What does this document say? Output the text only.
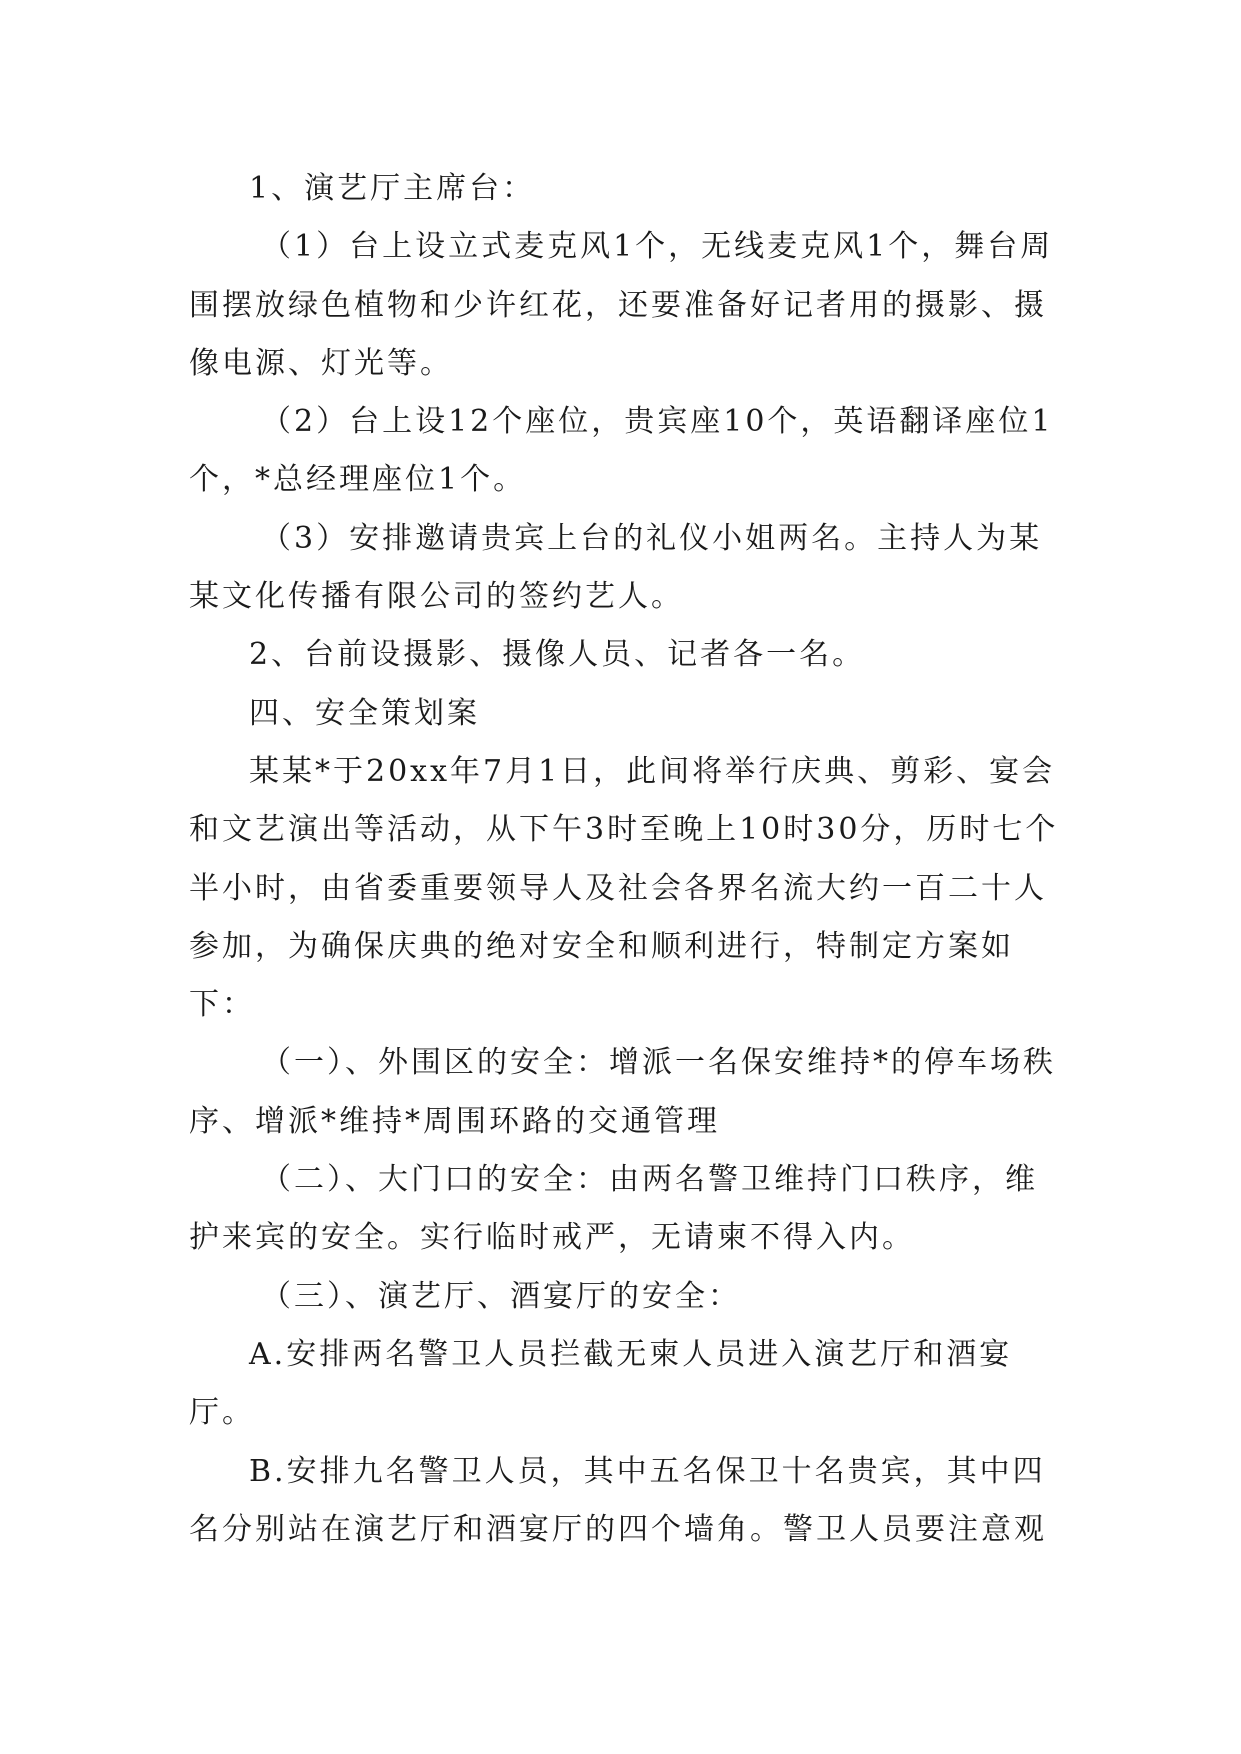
1、演艺厅主席台：

（1）台上设立式麦克风1个，无线麦克风1个，舞台周围摆放绿色植物和少许红花，还要准备好记者用的摄影、摄像电源、灯光等。

（2）台上设12个座位，贵宾座10个，英语翻译座位1个，*总经理座位1个。

（3）安排邀请贵宾上台的礼仪小姐两名。主持人为某某文化传播有限公司的签约艺人。

2、台前设摄影、摄像人员、记者各一名。

四、安全策划案

某某*于20xx年7月1日，此间将举行庆典、剪彩、宴会和文艺演出等活动，从下午3时至晚上10时30分，历时七个半小时，由省委重要领导人及社会各界名流大约一百二十人参加，为确保庆典的绝对安全和顺利进行，特制定方案如下：

（一）、外围区的安全：增派一名保安维持*的停车场秩序、增派*维持*周围环路的交通管理

（二）、大门口的安全：由两名警卫维持门口秩序，维护来宾的安全。实行临时戒严，无请柬不得入内。

（三）、演艺厅、酒宴厅的安全：

A.安排两名警卫人员拦截无柬人员进入演艺厅和酒宴厅。

B.安排九名警卫人员，其中五名保卫十名贵宾，其中四名分别站在演艺厅和酒宴厅的四个墙角。警卫人员要注意观
